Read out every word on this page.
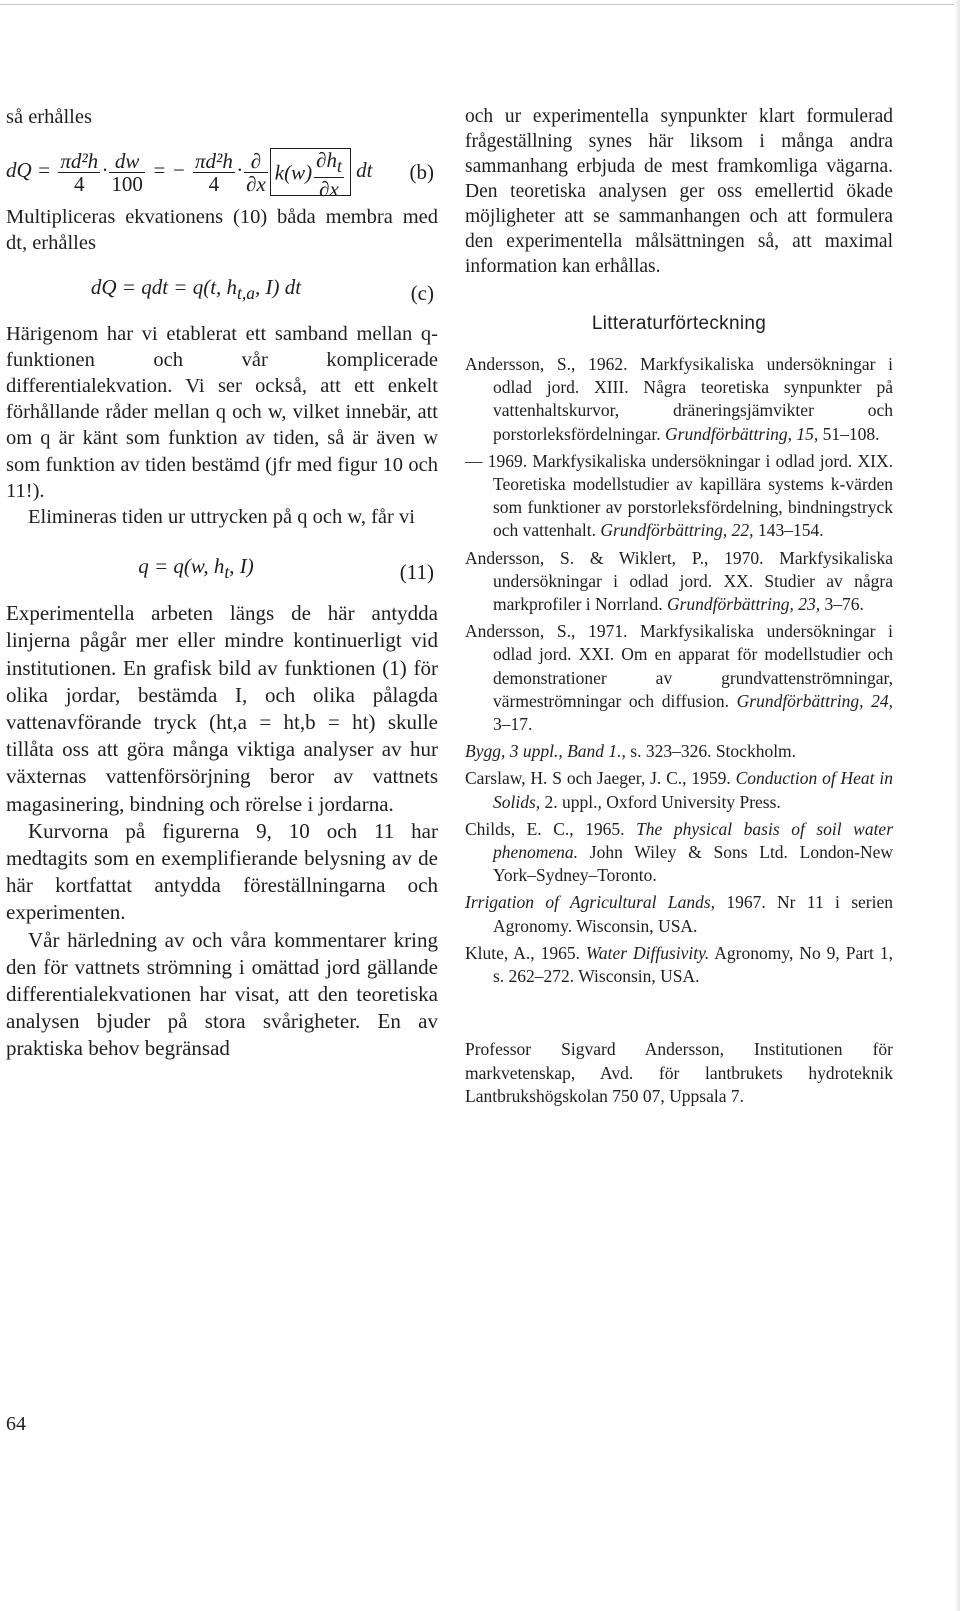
så erhålles

dQ = $\frac{\text{πd²h}}{4} \cdot \frac{dw}{100}$ = − $\frac{\text{πd²h}}{4} \cdot \frac{\partial}{\partial x} k(w) \frac{\partial h_t}{\partial x}$ dt (b)

Multipliceras ekvationens (10) båda membra med dt, erhålles

dQ = qdt = q(t, $h_{t,a}$, I) dt	(c)

Härigenom har vi etablerat ett samband mellan q-funktionen och vår komplicerade differentialekvation. Vi ser också, att ett enkelt förhållande råder mellan q och w, vilket innebär, att om q är känt som funktion av tiden, så är även w som funktion av tiden bestämd (jfr med figur 10 och 11!).

Elimineras tiden ur uttrycken på q och w, får vi

q = q(w, $h_t$, I)	(11)

Experimentella arbeten längs de här antydda linjerna pågår mer eller mindre kontinuerligt vid institutionen. En grafisk bild av funktionen (1) för olika jordar, bestämda I, och olika pålagda vattenavförande tryck (ht,a = ht,b = ht) skulle tillåta oss att göra många viktiga analyser av hur växternas vattenförsörjning beror av vattnets magasinering, bindning och rörelse i jordarna.

Kurvorna på figurerna 9, 10 och 11 har medtagits som en exemplifierande belysning av de här kortfattat antydda föreställningarna och experimenten.

Vår härledning av och våra kommentarer kring den för vattnets strömning i omättad jord gällande differentialekvationen har visat, att den teoretiska analysen bjuder på stora svårigheter. En av praktiska behov begränsad

och ur experimentella synpunkter klart formulerad frågeställning synes här liksom i många andra sammanhang erbjuda de mest framkomliga vägarna. Den teoretiska analysen ger oss emellertid ökade möjligheter att se sammanhangen och att formulera den experimentella målsättningen så, att maximal information kan erhållas.

Litteraturförteckning

Andersson, S., 1962. Markfysikaliska undersökningar i odlad jord. XIII. Några teoretiska synpunkter på vattenhaltskurvor, dräneringsjämvikter och porstorleksfördelningar. Grundförbättring, 15, 51–108.

— 1969. Markfysikaliska undersökningar i odlad jord. XIX. Teoretiska modellstudier av kapillära systems k-värden som funktioner av porstorleksfördelning, bindningstryck och vattenhalt. Grundförbättring, 22, 143–154.

Andersson, S. & Wiklert, P., 1970. Markfysikaliska undersökningar i odlad jord. XX. Studier av några markprofiler i Norrland. Grundförbättring, 23, 3–76.

Andersson, S., 1971. Markfysikaliska undersökningar i odlad jord. XXI. Om en apparat för modellstudier och demonstrationer av grundvattenströmningar, värmeströmningar och diffusion. Grundförbättring, 24, 3–17.

Bygg, 3 uppl., Band 1., s. 323–326. Stockholm.

Carslaw, H. S och Jaeger, J. C., 1959. Conduction of Heat in Solids, 2. uppl., Oxford University Press.

Childs, E. C., 1965. The physical basis of soil water phenomena. John Wiley & Sons Ltd. London-New York–Sydney–Toronto.

Irrigation of Agricultural Lands, 1967. Nr 11 i serien Agronomy. Wisconsin, USA.

Klute, A., 1965. Water Diffusivity. Agronomy, No 9, Part 1, s. 262–272. Wisconsin, USA.

Professor Sigvard Andersson, Institutionen för markvetenskap, Avd. för lantbrukets hydroteknik Lantbrukshögskolan 750 07, Uppsala 7.

64
